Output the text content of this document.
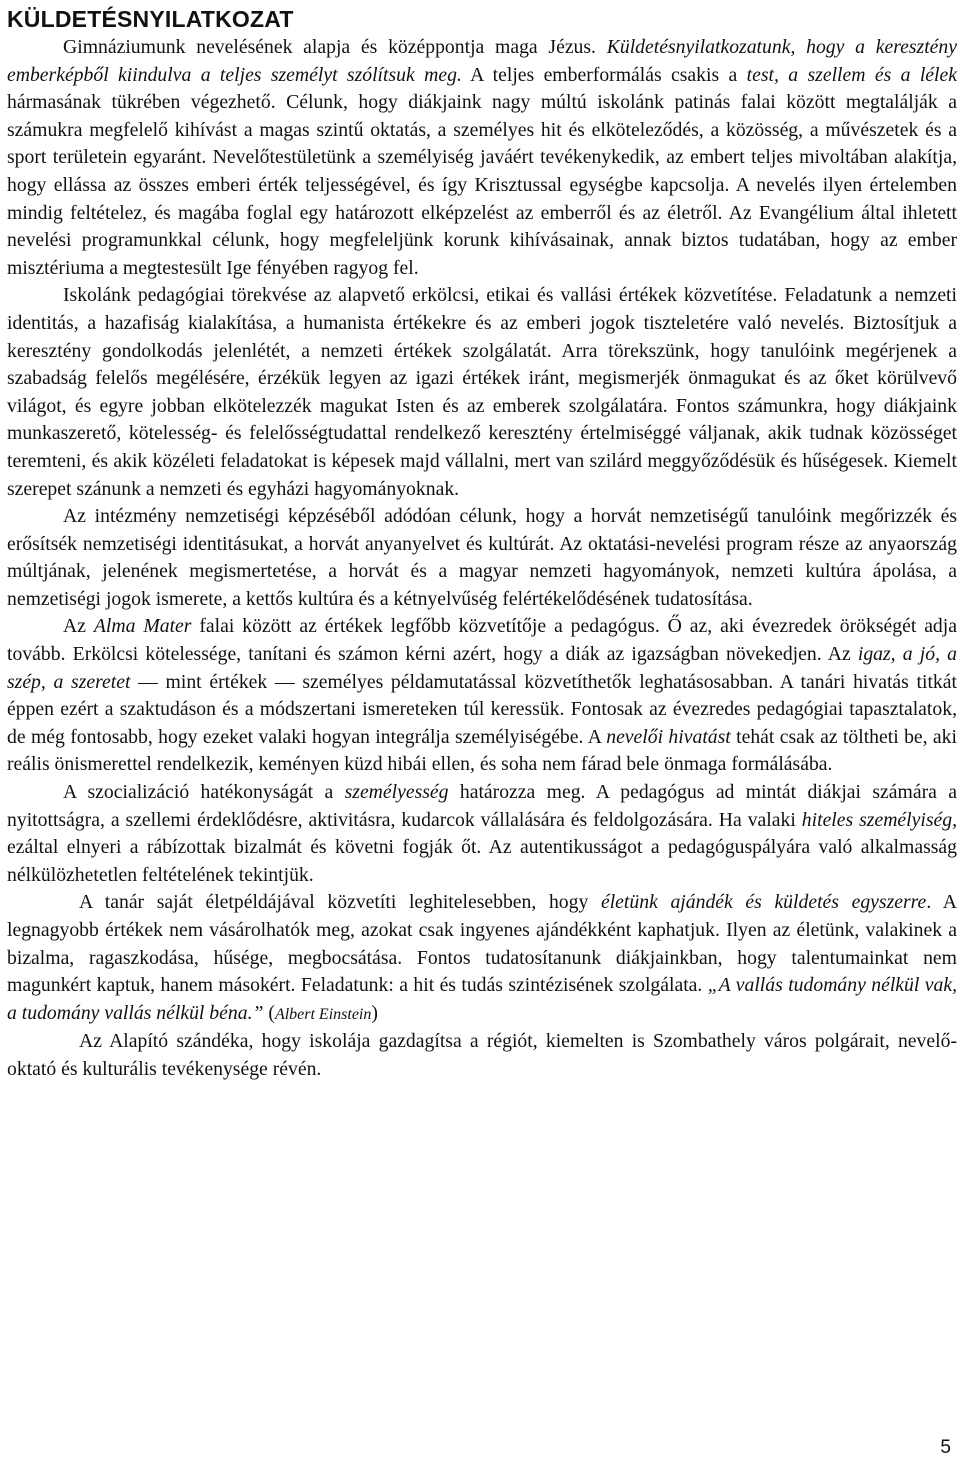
KÜLDETÉSNYILATKOZAT

Gimnáziumunk nevelésének alapja és középpontja maga Jézus. Küldetésnyilatkozatunk, hogy a keresztény emberképből kiindulva a teljes személyt szólítsuk meg. A teljes emberformálás csakis a test, a szellem és a lélek hármasának tükrében végezhető. Célunk, hogy diákjaink nagy múltú iskolánk patinás falai között megtalálják a számukra megfelelő kihívást a magas szintű oktatás, a személyes hit és elköteleződés, a közösség, a művészetek és a sport területein egyaránt. Nevelőtestületünk a személyiség javáért tevékenykedik, az embert teljes mivoltában alakítja, hogy ellássa az összes emberi érték teljességével, és így Krisztussal egységbe kapcsolja. A nevelés ilyen értelemben mindig feltételez, és magába foglal egy határozott elképzelést az emberről és az életről. Az Evangélium által ihletett nevelési programunkkal célunk, hogy megfeleljünk korunk kihívásainak, annak biztos tudatában, hogy az ember misztériuma a megtestesült Ige fényében ragyog fel.

Iskolánk pedagógiai törekvése az alapvető erkölcsi, etikai és vallási értékek közvetítése. Feladatunk a nemzeti identitás, a hazafiság kialakítása, a humanista értékekre és az emberi jogok tiszteletére való nevelés. Biztosítjuk a keresztény gondolkodás jelenlétét, a nemzeti értékek szolgálatát. Arra törekszünk, hogy tanulóink megérjenek a szabadság felelős megélésére, érzékük legyen az igazi értékek iránt, megismerjék önmagukat és az őket körülvevő világot, és egyre jobban elkötelezzék magukat Isten és az emberek szolgálatára. Fontos számunkra, hogy diákjaink munkaszerető, kötelesség- és felelősségtudattal rendelkező keresztény értelmiséggé váljanak, akik tudnak közösséget teremteni, és akik közéleti feladatokat is képesek majd vállalni, mert van szilárd meggyőződésük és hűségesek. Kiemelt szerepet szánunk a nemzeti és egyházi hagyományoknak.

Az intézmény nemzetiségi képzéséből adódóan célunk, hogy a horvát nemzetiségű tanulóink megőrizzék és erősítsék nemzetiségi identitásukat, a horvát anyanyelvet és kultúrát. Az oktatási-nevelési program része az anyaország múltjának, jelenének megismertetése, a horvát és a magyar nemzeti hagyományok, nemzeti kultúra ápolása, a nemzetiségi jogok ismerete, a kettős kultúra és a kétnyelvűség felértékelődésének tudatosítása.

Az Alma Mater falai között az értékek legfőbb közvetítője a pedagógus. Ő az, aki évezredek örökségét adja tovább. Erkölcsi kötelessége, tanítani és számon kérni azért, hogy a diák az igazságban növekedjen. Az igaz, a jó, a szép, a szeretet — mint értékek — személyes példamutatással közvetíthetők leghatásosabban. A tanári hivatás titkát éppen ezért a szaktudáson és a módszertani ismereteken túl keressük. Fontosak az évezredes pedagógiai tapasztalatok, de még fontosabb, hogy ezeket valaki hogyan integrálja személyiségébe. A nevelői hivatást tehát csak az töltheti be, aki reális önismerettel rendelkezik, keményen küzd hibái ellen, és soha nem fárad bele önmaga formálásába.

A szocializáció hatékonyságát a személyesség határozza meg. A pedagógus ad mintát diákjai számára a nyitottságra, a szellemi érdeklődésre, aktivitásra, kudarcok vállalására és feldolgozására. Ha valaki hiteles személyiség, ezáltal elnyeri a rábízottak bizalmát és követni fogják őt. Az autentikusságot a pedagóguspályára való alkalmasság nélkülözhetetlen feltételének tekintjük.

A tanár saját életpéldájával közvetíti leghitelesebben, hogy életünk ajándék és küldetés egyszerre. A legnagyobb értékek nem vásárolhatók meg, azokat csak ingyenes ajándékként kaphatjuk. Ilyen az életünk, valakinek a bizalma, ragaszkodása, hűsége, megbocsátása. Fontos tudatosítanunk diákjainkban, hogy talentumainkat nem magunkért kaptuk, hanem másokért. Feladatunk: a hit és tudás szintézisének szolgálata. „A vallás tudomány nélkül vak, a tudomány vallás nélkül béna.” (Albert Einstein)

Az Alapító szándéka, hogy iskolája gazdagítsa a régiót, kiemelten is Szombathely város polgárait, nevelő-oktató és kulturális tevékenysége révén.

5
